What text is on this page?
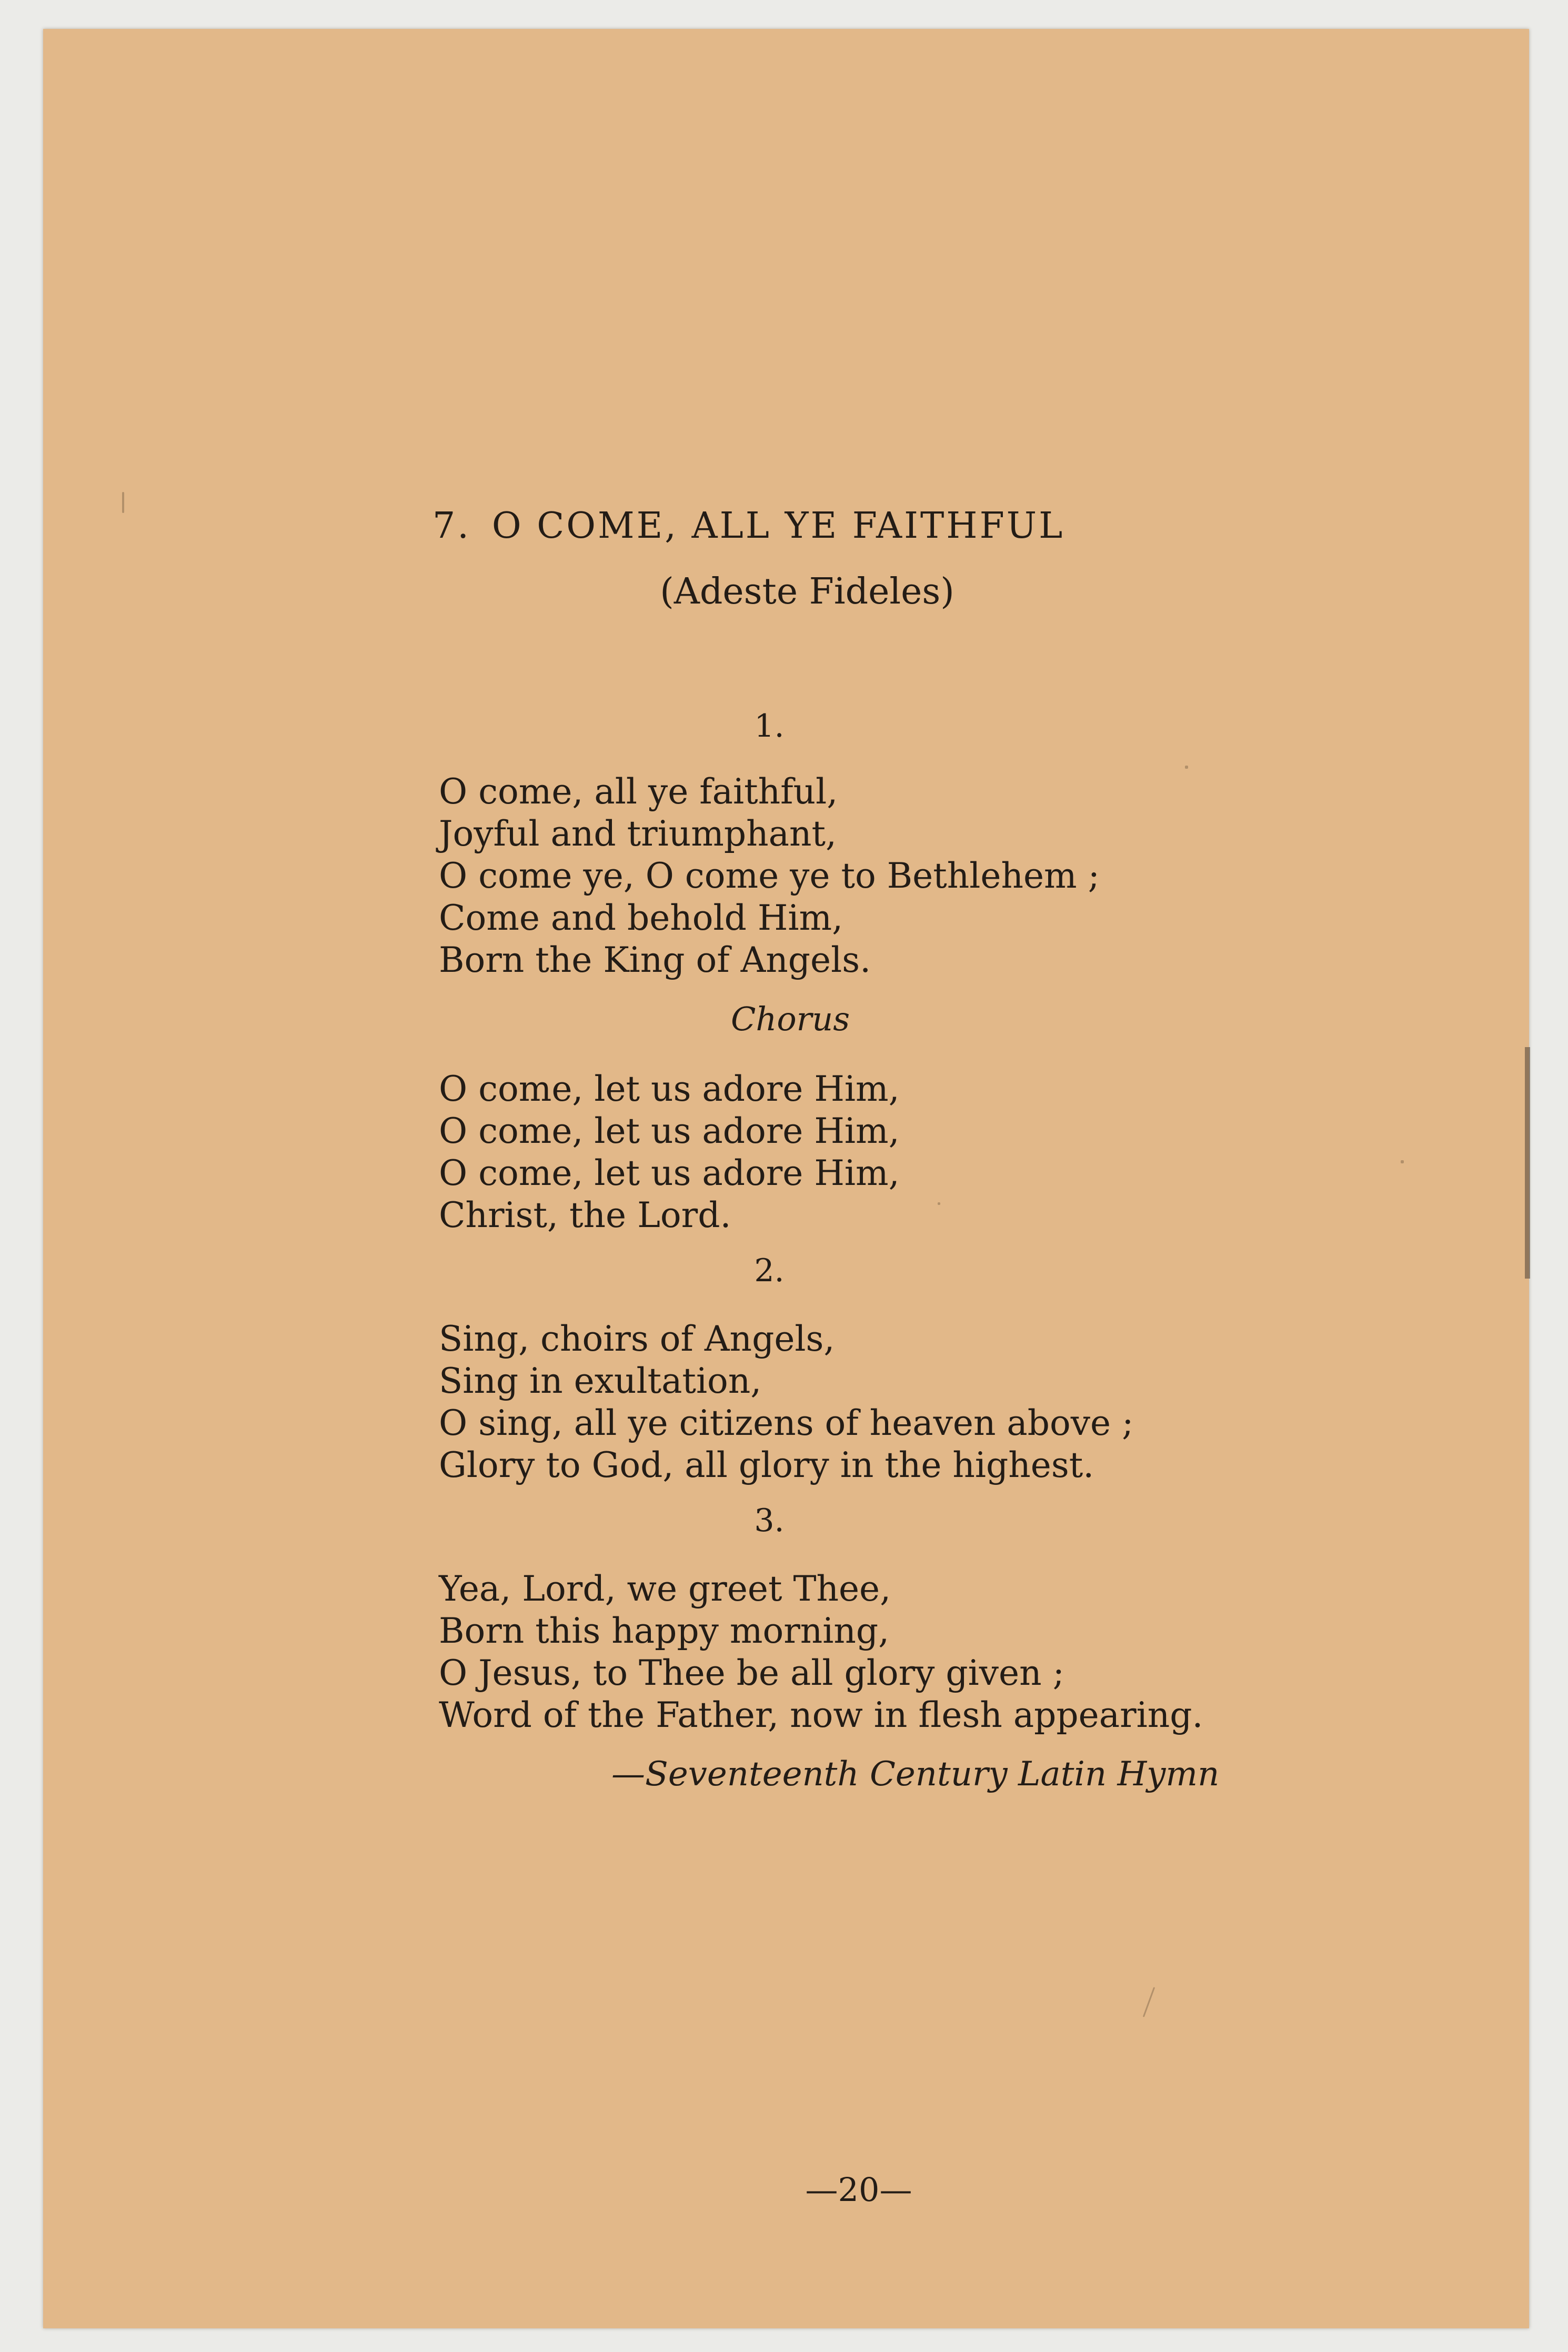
7. O COME, ALL YE FAITHFUL
(Adeste Fideles)
1.
O come, all ye faithful,
Joyful and triumphant,
O come ye, O come ye to Bethlehem ;
Come and behold Him,
Born the King of Angels.
Chorus
O come, let us adore Him,
O come, let us adore Him,
O come, let us adore Him,
Christ, the Lord.
2.
Sing, choirs of Angels,
Sing in exultation,
O sing, all ye citizens of heaven above ;
Glory to God, all glory in the highest.
3.
Yea, Lord, we greet Thee,
Born this happy morning,
O Jesus, to Thee be all glory given ;
Word of the Father, now in flesh appearing.
—Seventeenth Century Latin Hymn
—20—
